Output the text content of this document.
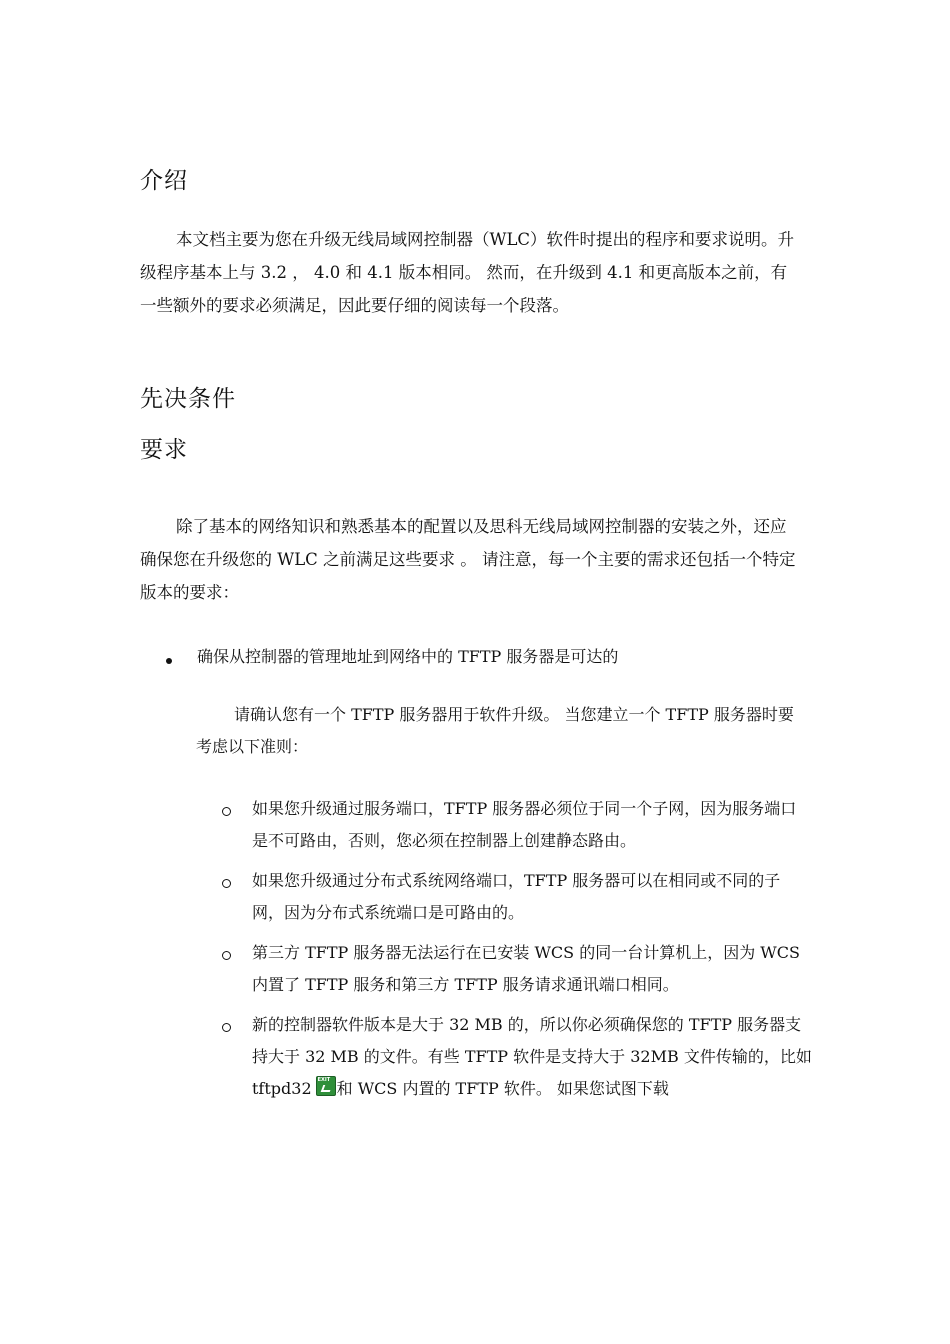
介绍

本文档主要为您在升级无线局域网控制器（WLC）软件时提出的程序和要求说明。升级程序基本上与 3.2 ， 4.0 和 4.1 版本相同。 然而，在升级到 4.1 和更高版本之前，有一些额外的要求必须满足，因此要仔细的阅读每一个段落。

先决条件
要求

除了基本的网络知识和熟悉基本的配置以及思科无线局域网控制器的安装之外，还应确保您在升级您的 WLC 之前满足这些要求 。 请注意，每一个主要的需求还包括一个特定版本的要求：

确保从控制器的管理地址到网络中的 TFTP 服务器是可达的

请确认您有一个 TFTP 服务器用于软件升级。 当您建立一个 TFTP 服务器时要考虑以下准则：

如果您升级通过服务端口，TFTP 服务器必须位于同一个子网，因为服务端口是不可路由，否则，您必须在控制器上创建静态路由。
如果您升级通过分布式系统网络端口，TFTP 服务器可以在相同或不同的子网，因为分布式系统端口是可路由的。
第三方 TFTP 服务器无法运行在已安装 WCS 的同一台计算机上，因为 WCS 内置了 TFTP 服务和第三方 TFTP 服务请求通讯端口相同。
新的控制器软件版本是大于 32 MB 的，所以你必须确保您的 TFTP 服务器支持大于 32 MB 的文件。有些 TFTP 软件是支持大于 32MB 文件传输的，比如 tftpd32EXIT 和 WCS 内置的 TFTP 软件。 如果您试图下载
